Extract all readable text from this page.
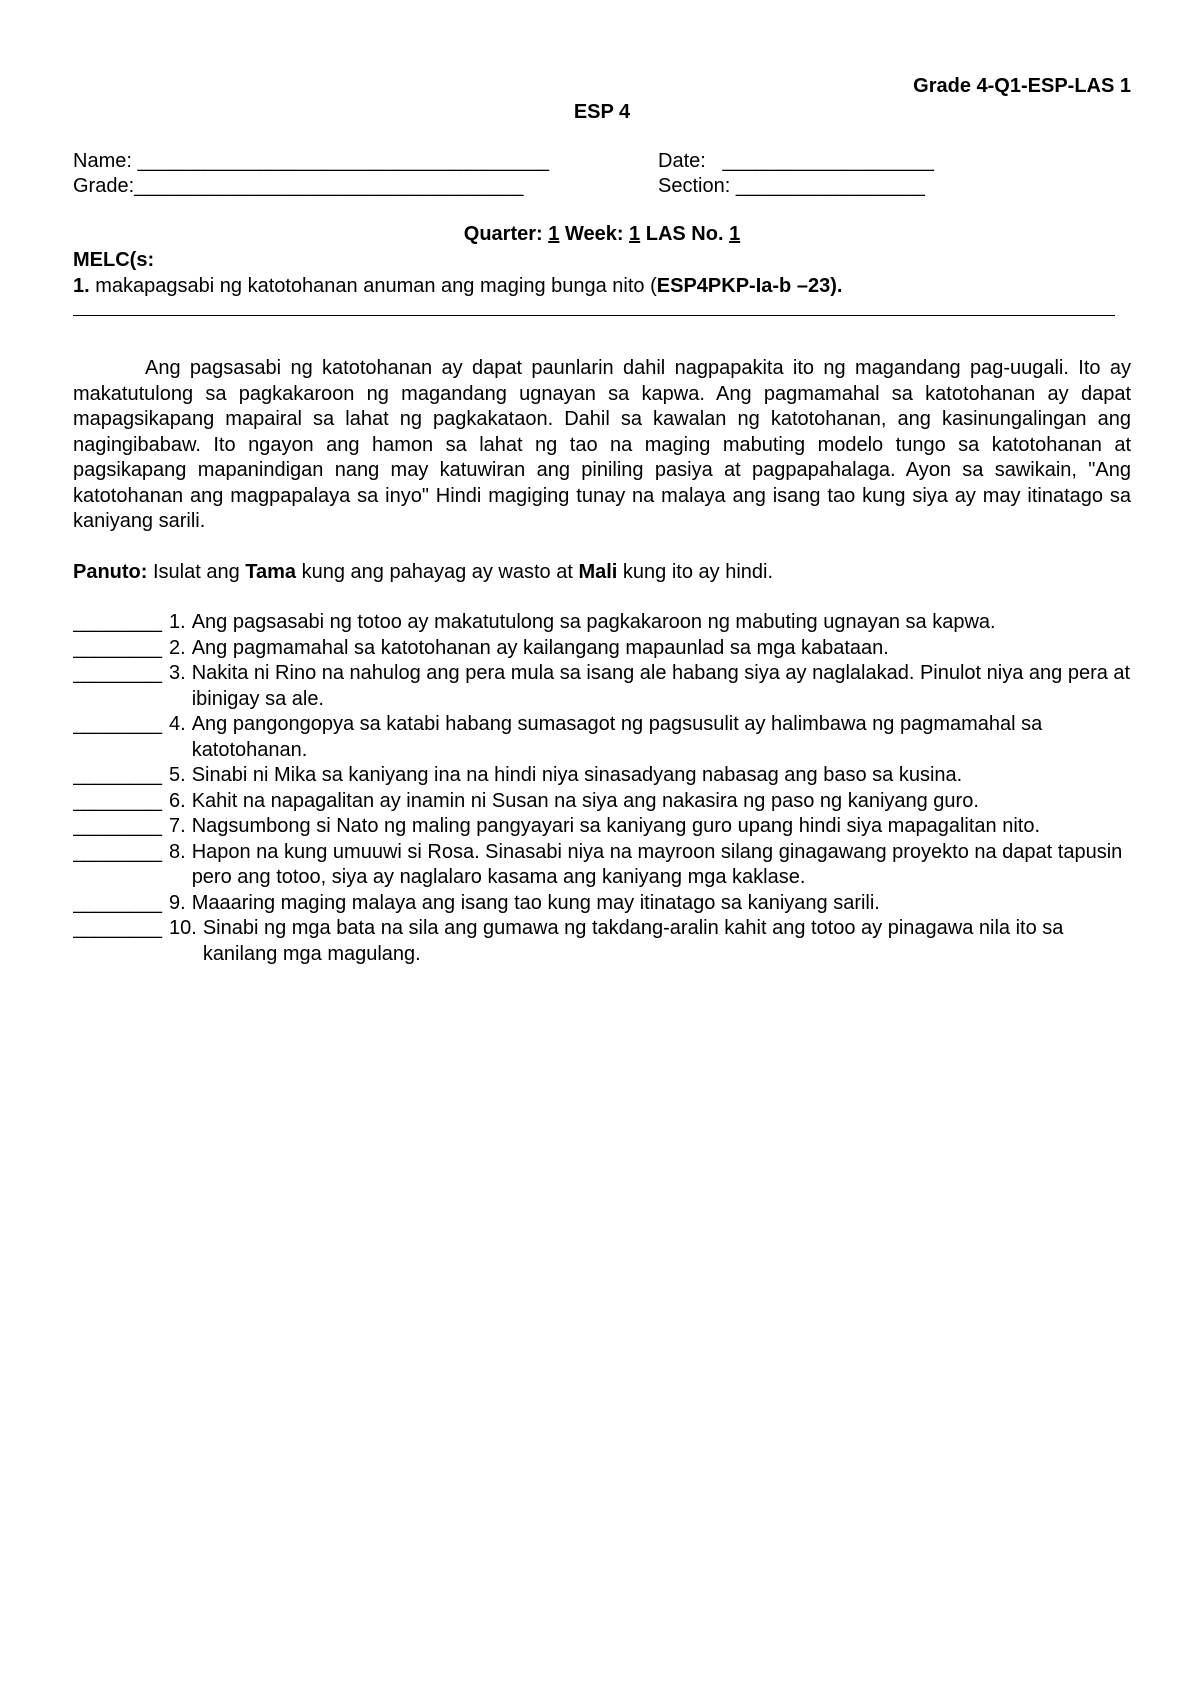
Grade 4-Q1-ESP-LAS 1
ESP 4
Name: _____________________________________	Date: ___________________
Grade:___________________________________	Section: _________________
Quarter: 1 Week: 1 LAS No. 1
MELC(s:
1. makapagsabi ng katotohanan anuman ang maging bunga nito (ESP4PKP-Ia-b –23).
Ang pagsasabi ng katotohanan ay dapat paunlarin dahil nagpapakita ito ng magandang pag-uugali. Ito ay makatutulong sa pagkakaroon ng magandang ugnayan sa kapwa. Ang pagmamahal sa katotohanan ay dapat mapagsikapang mapairal sa lahat ng pagkakataon. Dahil sa kawalan ng katotohanan, ang kasinungalingan ang nagingibabaw. Ito ngayon ang hamon sa lahat ng tao na maging mabuting modelo tungo sa katotohanan at pagsikapang mapanindigan nang may katuwiran ang piniling pasiya at pagpapahalaga. Ayon sa sawikain, "Ang katotohanan ang magpapalaya sa inyo" Hindi magiging tunay na malaya ang isang tao kung siya ay may itinatago sa kaniyang sarili.
Panuto: Isulat ang Tama kung ang pahayag ay wasto at Mali kung ito ay hindi.
________ 1. Ang pagsasabi ng totoo ay makatutulong sa pagkakaroon ng mabuting ugnayan sa kapwa.
________ 2. Ang pagmamahal sa katotohanan ay kailangang mapaunlad sa mga kabataan.
________ 3. Nakita ni Rino na nahulog ang pera mula sa isang ale habang siya ay naglalakad. Pinulot niya ang pera at ibinigay sa ale.
________ 4. Ang pangongopya sa katabi habang sumasagot ng pagsusulit ay halimbawa ng pagmamahal sa katotohanan.
________ 5. Sinabi ni Mika sa kaniyang ina na hindi niya sinasadyang nabasag ang baso sa kusina.
________ 6. Kahit na napagalitan ay inamin ni Susan na siya ang nakasira ng paso ng kaniyang guro.
________ 7. Nagsumbong si Nato ng maling pangyayari sa kaniyang guro upang hindi siya mapagalitan nito.
________ 8. Hapon na kung umuuwi si Rosa. Sinasabi niya na mayroon silang ginagawang proyekto na dapat tapusin pero ang totoo, siya ay naglalaro kasama ang kaniyang mga kaklase.
________ 9. Maaaring maging malaya ang isang tao kung may itinatago sa kaniyang sarili.
________ 10. Sinabi ng mga bata na sila ang gumawa ng takdang-aralin kahit ang totoo ay pinagawa nila ito sa kanilang mga magulang.
